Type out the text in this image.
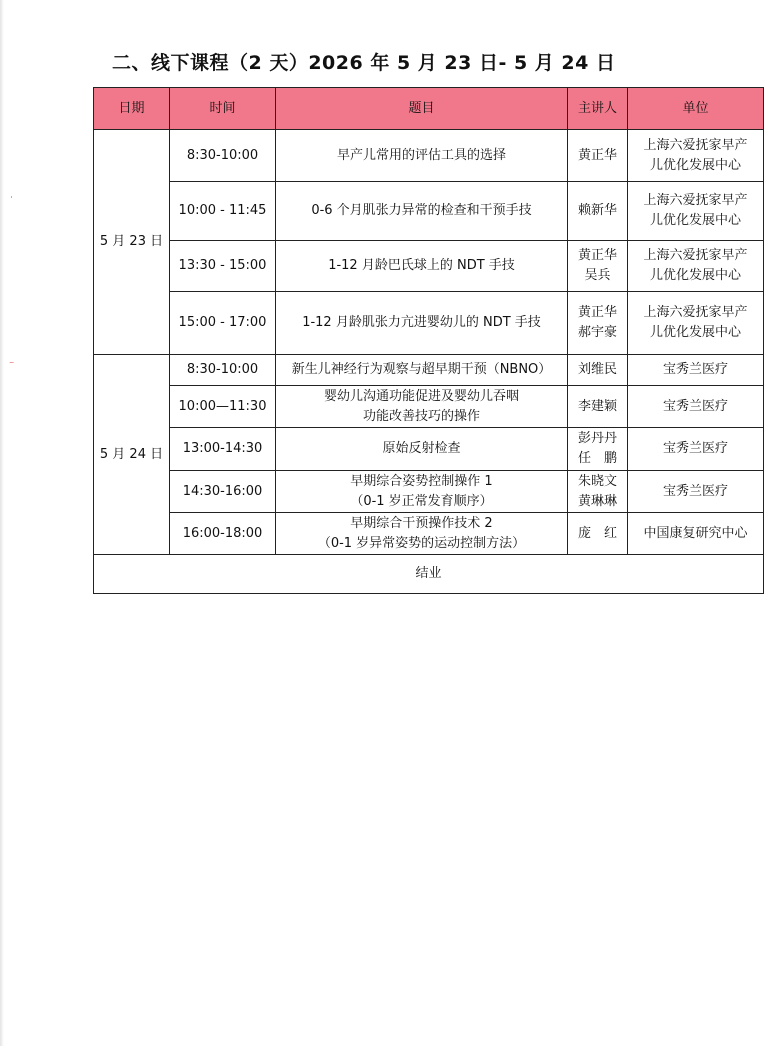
二、线下课程（2 天）2026 年 5 月 23 日- 5 月 24 日
˙
⁻
日期	时间	题目	主讲人	单位
5 月 23 日	8:30-10:00	早产儿常用的评估工具的选择	黄正华	上海六爱抚家早产
儿优化发展中心

	10:00 - 11:45	0-6 个月肌张力异常的检查和干预手技	赖新华	上海六爱抚家早产
儿优化发展中心

	13:30 - 15:00	1-12 月龄巴氏球上的 NDT 手技	黄正华
吴兵	上海六爱抚家早产
儿优化发展中心

	15:00 - 17:00	1-12 月龄肌张力亢进婴幼儿的 NDT 手技	黄正华
郝宇豪	上海六爱抚家早产
儿优化发展中心

5 月 24 日	8:30-10:00	新生儿神经行为观察与超早期干预（NBNO）	刘维民	宝秀兰医疗

	10:00—11:30	婴幼儿沟通功能促进及婴幼儿吞咽
功能改善技巧的操作	李建颖	宝秀兰医疗

	13:00-14:30	原始反射检查	彭丹丹
任　鹏	宝秀兰医疗

	14:30-16:00	早期综合姿势控制操作 1
（0-1 岁正常发育顺序）	朱晓文
黄琳琳	宝秀兰医疗

	16:00-18:00	早期综合干预操作技术 2
（0-1 岁异常姿势的运动控制方法）	庞　红	中国康复研究中心

结业				
